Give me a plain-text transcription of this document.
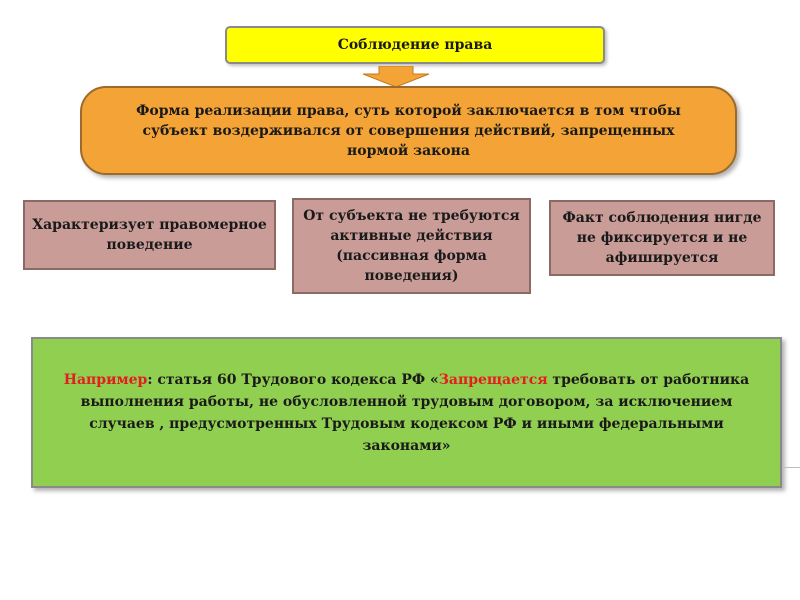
Соблюдение права
Форма реализации права, суть которой заключается в том чтобы субъект воздерживался от совершения действий, запрещенных нормой закона
Характеризует правомерное поведение
От субъекта не требуются активные действия (пассивная форма поведения)
Факт соблюдения нигде не фиксируется и не афишируется
Например: статья 60 Трудового кодекса РФ «Запрещается требовать от работника выполнения работы, не обусловленной трудовым договором, за исключением случаев , предусмотренных Трудовым кодексом РФ и иными федеральными законами»
